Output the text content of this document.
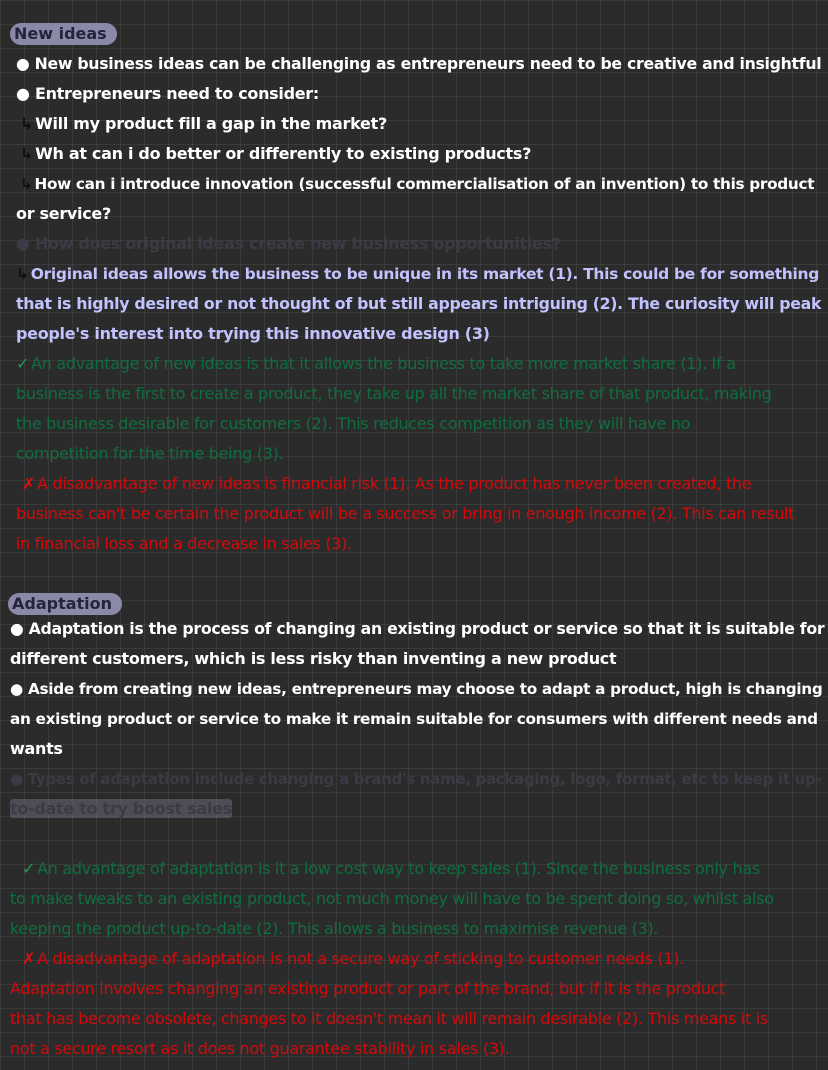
New ideas
● New business ideas can be challenging as entrepreneurs need to be creative and insightful
● Entrepreneurs need to consider:
↳ Will my product fill a gap in the market?
↳ Wh at can i do better or differently to existing products?
↳ How can i introduce innovation (successful commercialisation of an invention) to this product
or service?
● How does original ideas create new business opportunities?
↳ Original ideas allows the business to be unique in its market (1). This could be for something
that is highly desired or not thought of but still appears intriguing (2). The curiosity will peak
people's interest into trying this innovative design (3)
✓ An advantage of new ideas is that it allows the business to take more market share (1). If a
business is the first to create a product, they take up all the market share of that product, making
the business desirable for customers (2). This reduces competition as they will have no
competition for the time being (3).
✗ A disadvantage of new ideas is financial risk (1). As the product has never been created, the
business can't be certain the product will be a success or bring in enough income (2). This can result
in financial loss and a decrease in sales (3).
Adaptation
● Adaptation is the process of changing an existing product or service so that it is suitable for
different customers, which is less risky than inventing a new product
● Aside from creating new ideas, entrepreneurs may choose to adapt a product, high is changing
an existing product or service to make it remain suitable for consumers with different needs and
wants
● Types of adaptation include changing a brand's name, packaging, logo, format, etc to keep it up-
to-date to try boost sales
✓ An advantage of adaptation is it a low cost way to keep sales (1). Since the business only has
to make tweaks to an existing product, not much money will have to be spent doing so, whilst also
keeping the product up-to-date (2). This allows a business to maximise revenue (3).
✗ A disadvantage of adaptation is not a secure way of sticking to customer needs (1).
Adaptation involves changing an existing product or part of the brand, but if it is the product
that has become obsolete, changes to it doesn't mean it will remain desirable (2). This means it is
not a secure resort as it does not guarantee stability in sales (3).
